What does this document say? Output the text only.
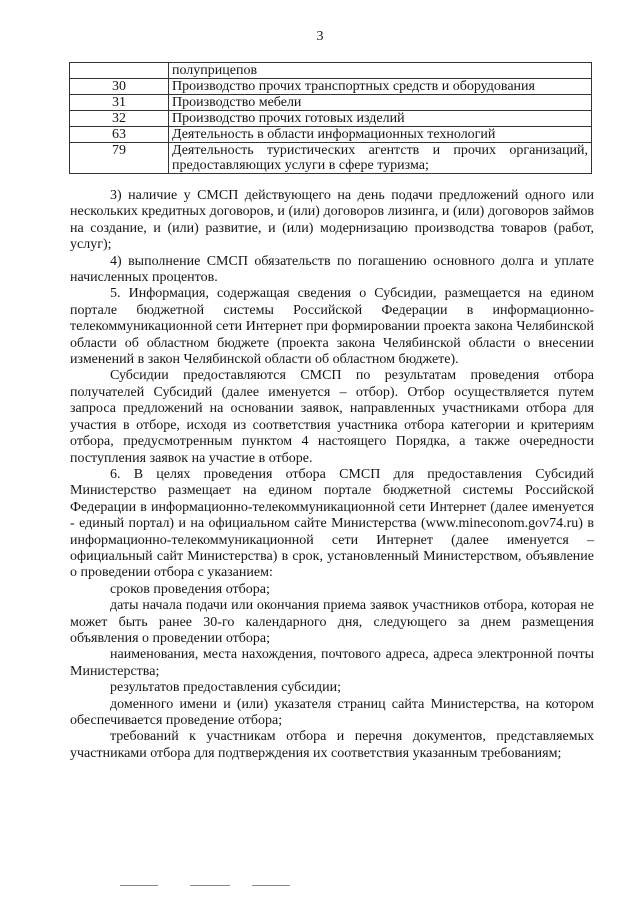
3
	полуприцепов
30	Производство прочих транспортных средств и оборудования
31	Производство мебели
32	Производство прочих готовых изделий
63	Деятельность в области информационных технологий
79	Деятельность туристических агентств и прочих организаций, предоставляющих услуги в сфере туризма;

3) наличие у СМСП действующего на день подачи предложений одного или нескольких кредитных договоров, и (или) договоров лизинга, и (или) договоров займов на создание, и (или) развитие, и (или) модернизацию производства товаров (работ, услуг);

4) выполнение СМСП обязательств по погашению основного долга и уплате начисленных процентов.

5. Информация, содержащая сведения о Субсидии, размещается на едином портале бюджетной системы Российской Федерации в информационно-телекоммуникационной сети Интернет при формировании проекта закона Челябинской области об областном бюджете (проекта закона Челябинской области о внесении изменений в закон Челябинской области об областном бюджете).

Субсидии предоставляются СМСП по результатам проведения отбора получателей Субсидий (далее именуется – отбор). Отбор осуществляется путем запроса предложений на основании заявок, направленных участниками отбора для участия в отборе, исходя из соответствия участника отбора категории и критериям отбора, предусмотренным пунктом 4 настоящего Порядка, а также очередности поступления заявок на участие в отборе.

6. В целях проведения отбора СМСП для предоставления Субсидий Министерство размещает на едином портале бюджетной системы Российской Федерации в информационно-телекоммуникационной сети Интернет (далее именуется - единый портал) и на официальном сайте Министерства (www.mineconom.gov74.ru) в информационно-телекоммуникационной сети Интернет (далее именуется – официальный сайт Министерства) в срок, установленный Министерством, объявление о проведении отбора с указанием:

сроков проведения отбора;

даты начала подачи или окончания приема заявок участников отбора, которая не может быть ранее 30-го календарного дня, следующего за днем размещения объявления о проведении отбора;

наименования, места нахождения, почтового адреса, адреса электронной почты Министерства;

результатов предоставления субсидии;

доменного имени и (или) указателя страниц сайта Министерства, на котором обеспечивается проведение отбора;

требований к участникам отбора и перечня документов, представляемых участниками отбора для подтверждения их соответствия указанным требованиям;
